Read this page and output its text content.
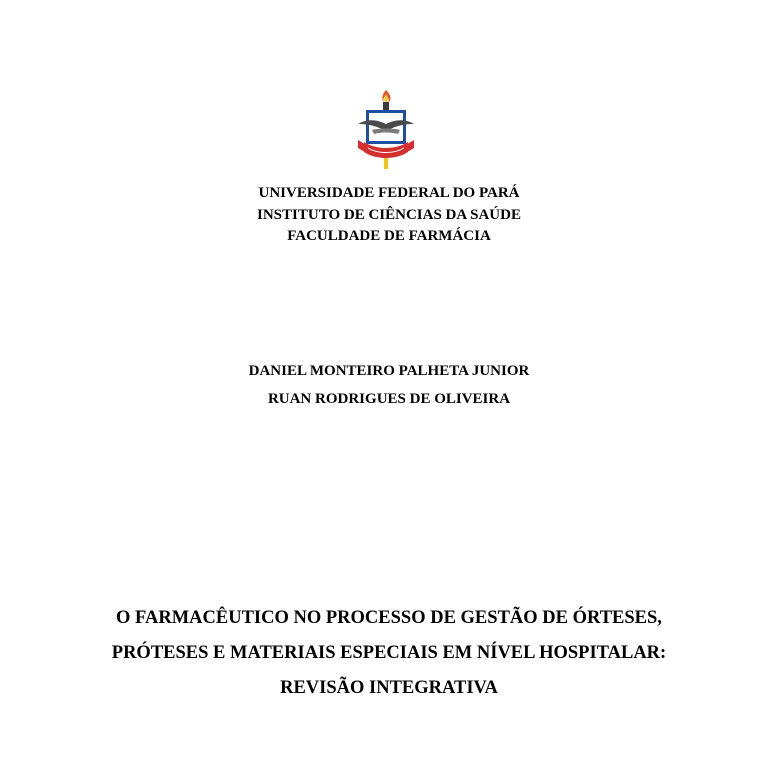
UNIVERSIDADE FEDERAL DO PARÁ
INSTITUTO DE CIÊNCIAS DA SAÚDE
FACULDADE DE FARMÁCIA
DANIEL MONTEIRO PALHETA JUNIOR
RUAN RODRIGUES DE OLIVEIRA
O FARMACÊUTICO NO PROCESSO DE GESTÃO DE ÓRTESES,
PRÓTESES E MATERIAIS ESPECIAIS EM NÍVEL HOSPITALAR:
REVISÃO INTEGRATIVA
